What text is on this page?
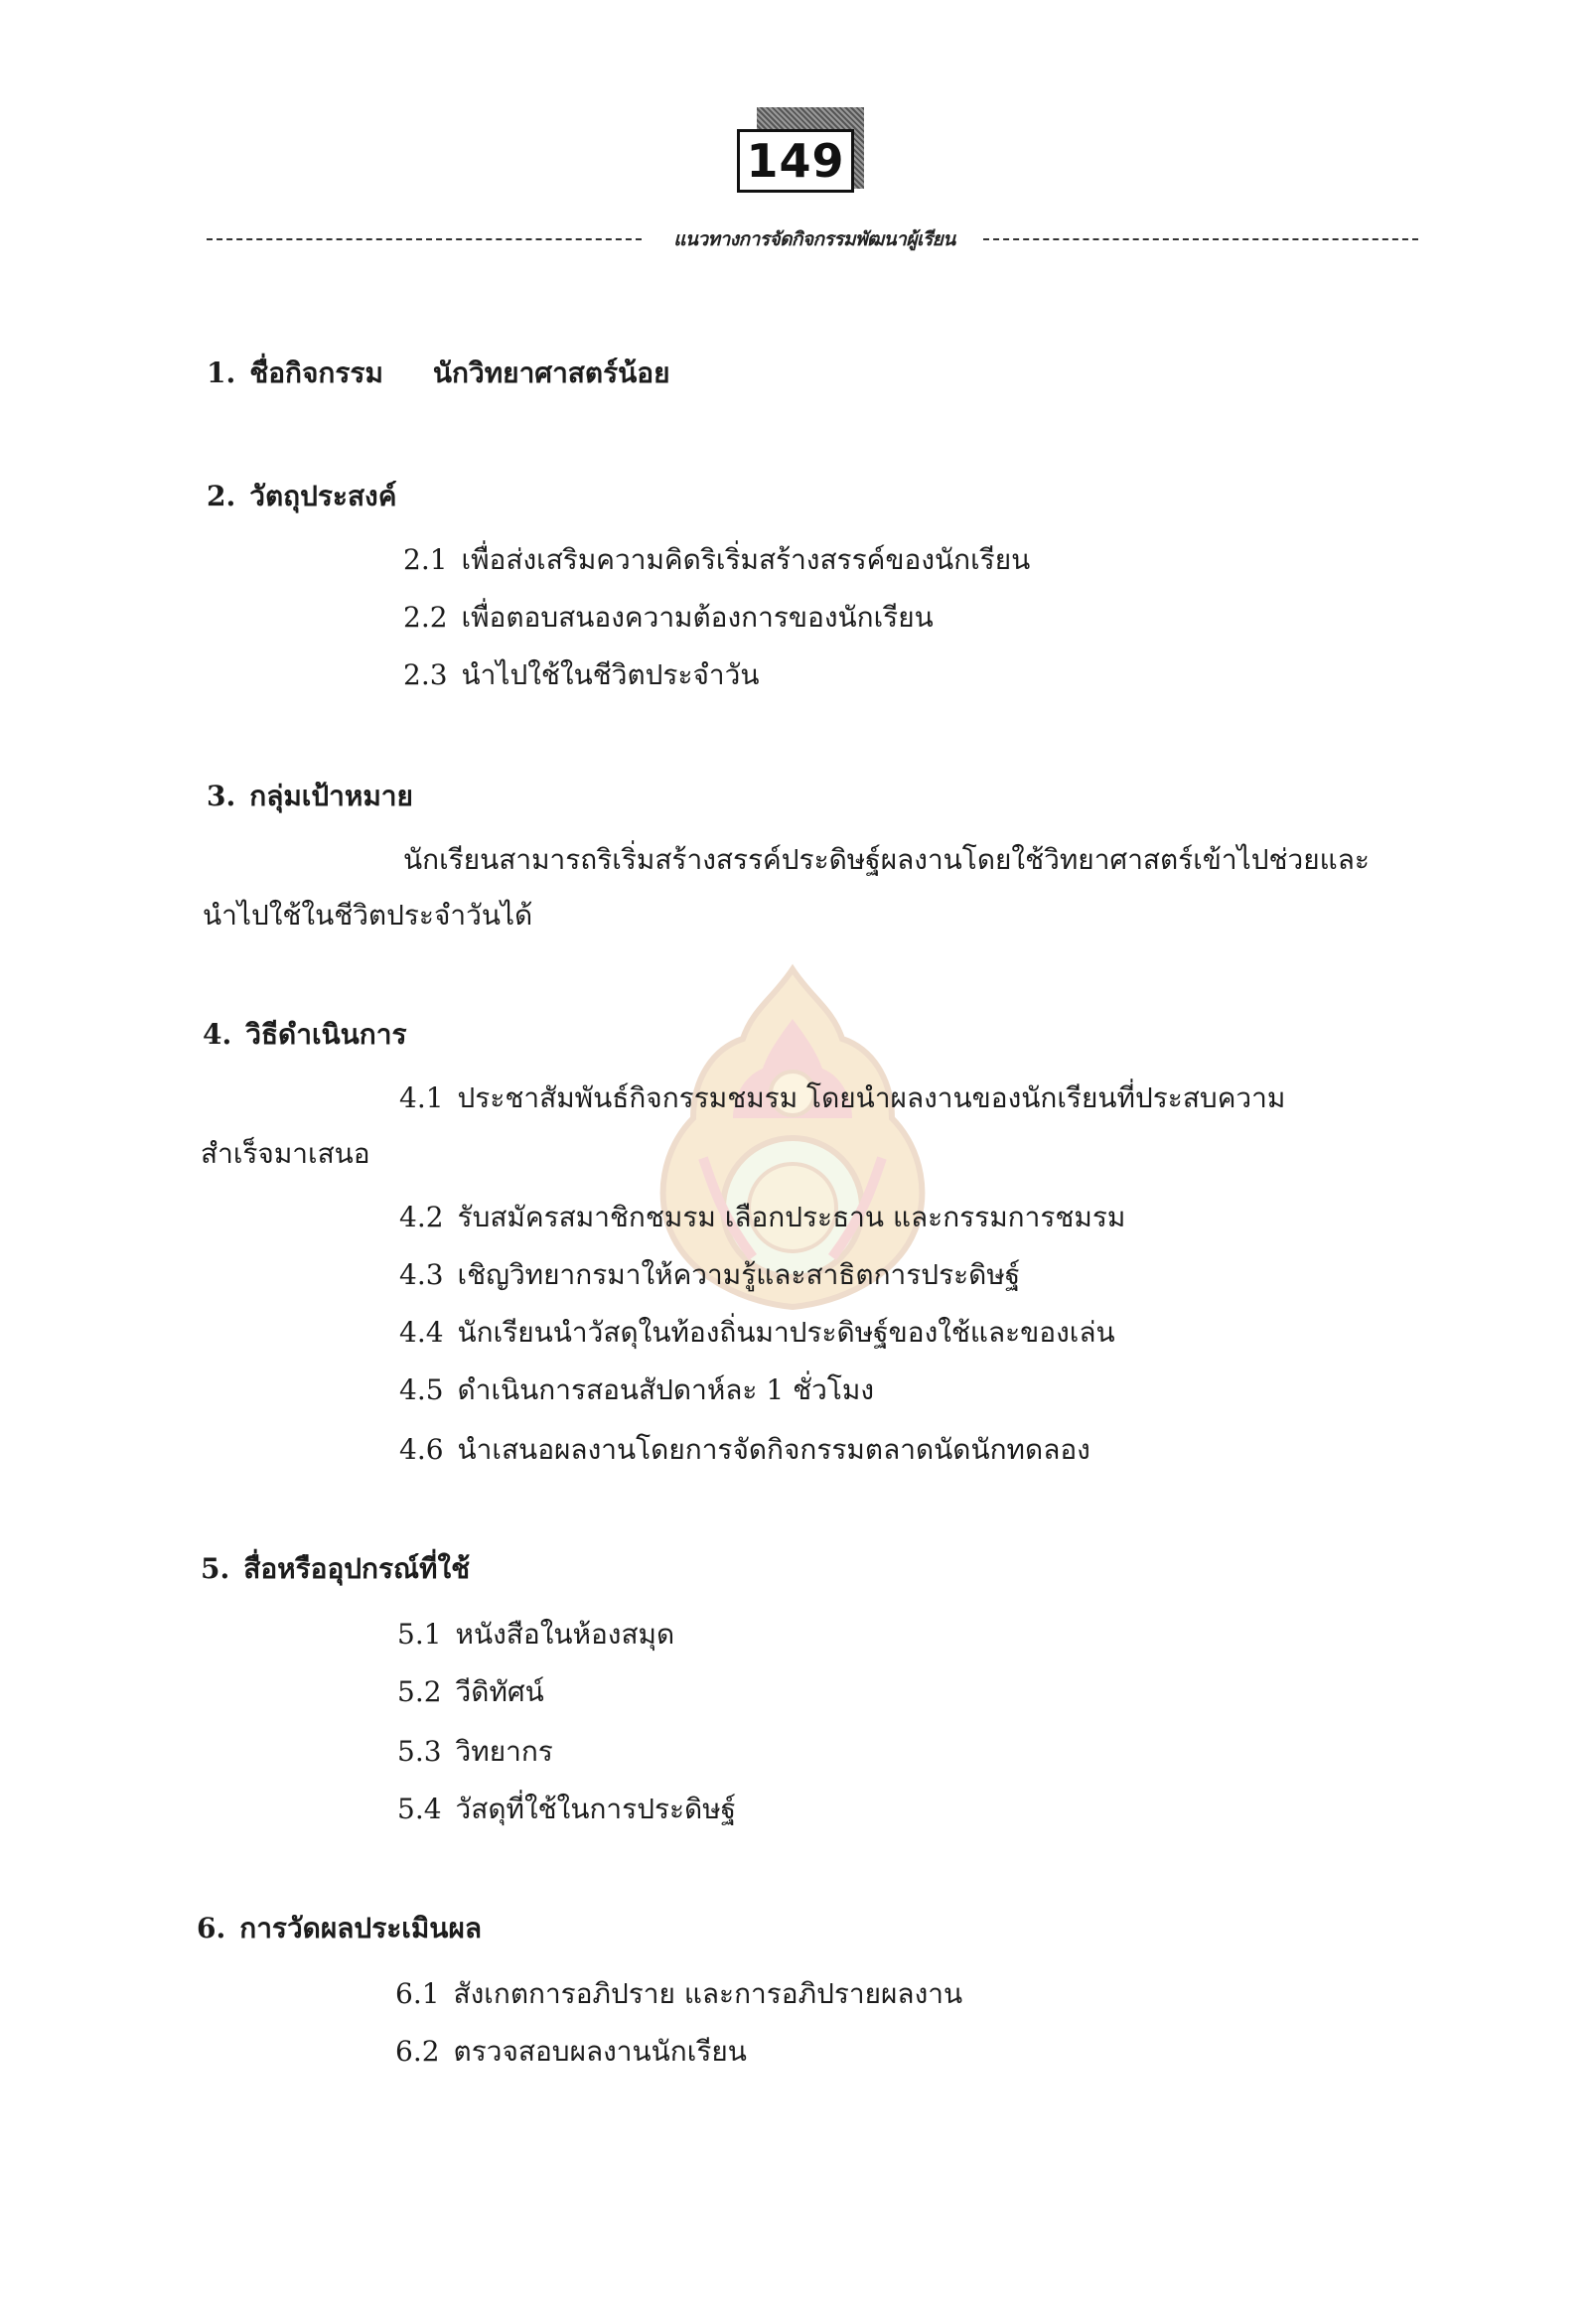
149
แนวทางการจัดกิจกรรมพัฒนาผู้เรียน
1. ชื่อกิจกรรม นักวิทยาศาสตร์น้อย
2. วัตถุประสงค์
2.1 เพื่อส่งเสริมความคิดริเริ่มสร้างสรรค์ของนักเรียน
2.2 เพื่อตอบสนองความต้องการของนักเรียน
2.3 นำไปใช้ในชีวิตประจำวัน
3. กลุ่มเป้าหมาย
นักเรียนสามารถริเริ่มสร้างสรรค์ประดิษฐ์ผลงานโดยใช้วิทยาศาสตร์เข้าไปช่วยและ
นำไปใช้ในชีวิตประจำวันได้
4. วิธีดำเนินการ
4.1 ประชาสัมพันธ์กิจกรรมชมรม โดยนำผลงานของนักเรียนที่ประสบความ
สำเร็จมาเสนอ
4.2 รับสมัครสมาชิกชมรม เลือกประธาน และกรรมการชมรม
4.3 เชิญวิทยากรมาให้ความรู้และสาธิตการประดิษฐ์
4.4 นักเรียนนำวัสดุในท้องถิ่นมาประดิษฐ์ของใช้และของเล่น
4.5 ดำเนินการสอนสัปดาห์ละ 1 ชั่วโมง
4.6 นำเสนอผลงานโดยการจัดกิจกรรมตลาดนัดนักทดลอง
5. สื่อหรืออุปกรณ์ที่ใช้
5.1 หนังสือในห้องสมุด
5.2 วีดิทัศน์
5.3 วิทยากร
5.4 วัสดุที่ใช้ในการประดิษฐ์
6. การวัดผลประเมินผล
6.1 สังเกตการอภิปราย และการอภิปรายผลงาน
6.2 ตรวจสอบผลงานนักเรียน
